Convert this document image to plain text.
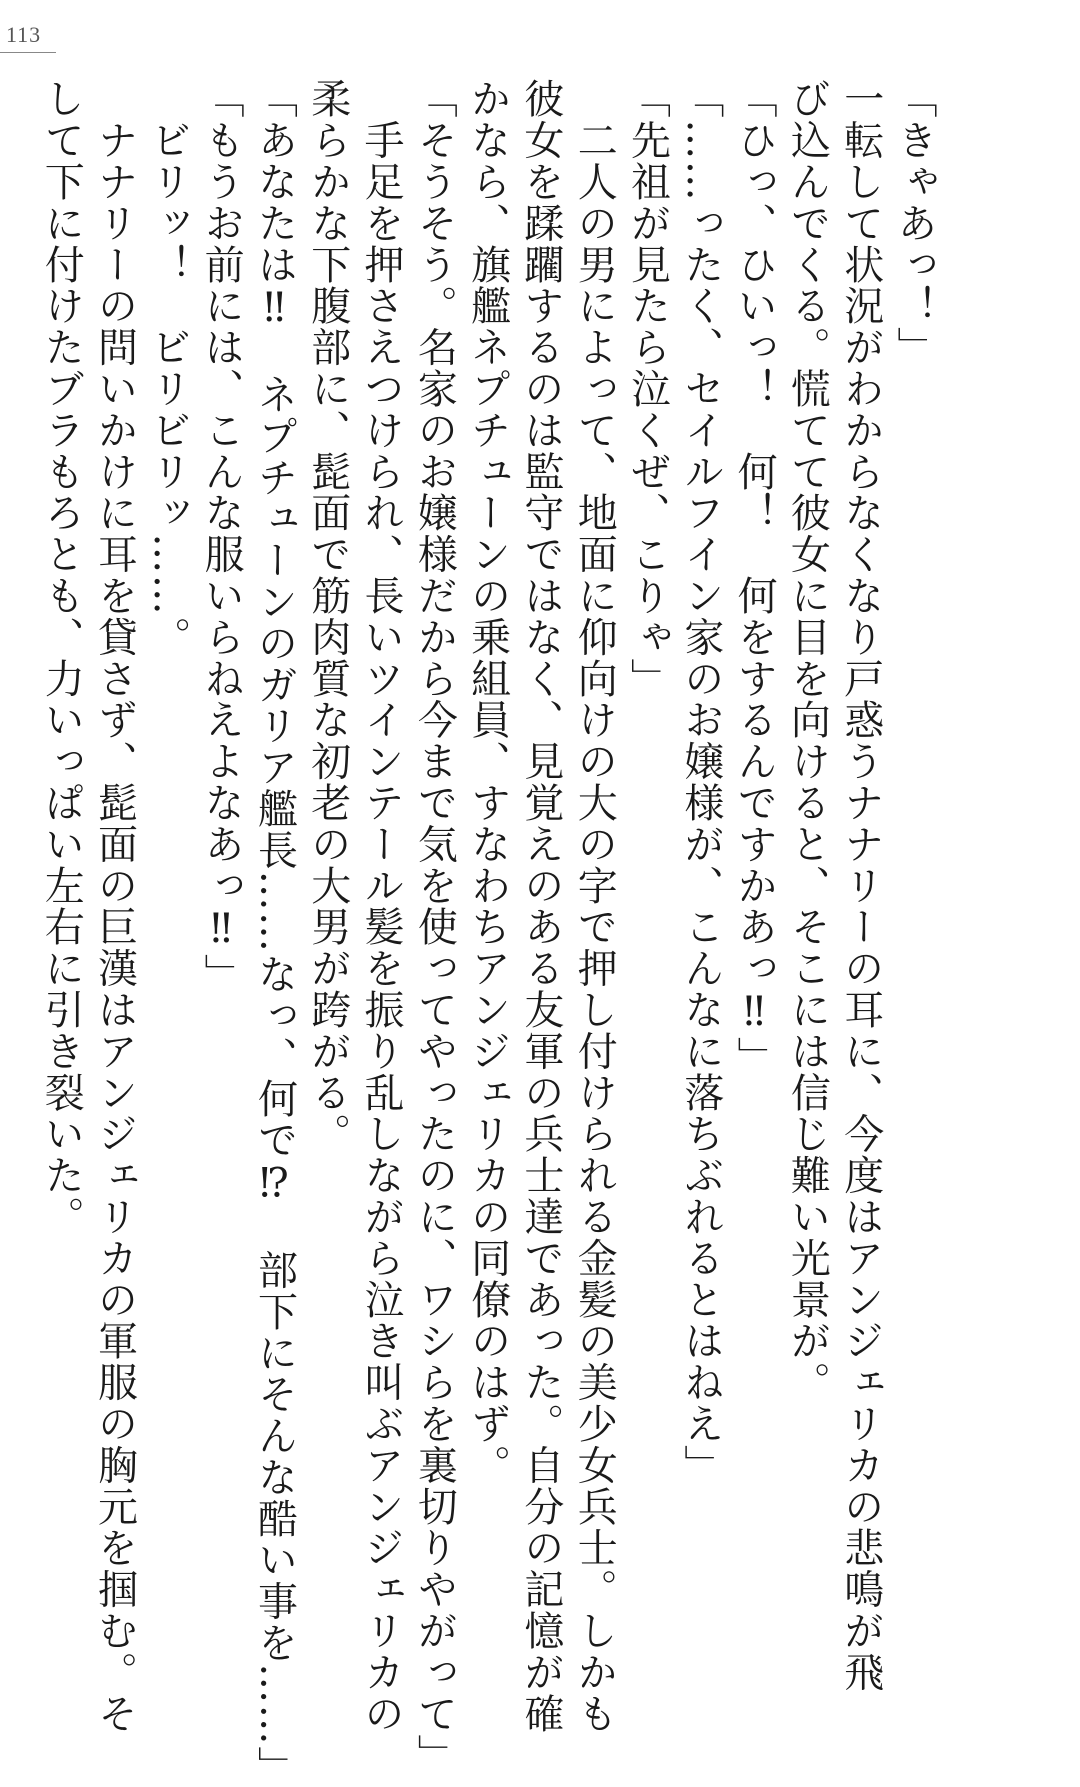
113

「きゃあっ！」

一転して状況がわからなくなり戸惑うナナリーの耳に、今度はアンジェリカの悲鳴が飛

び込んでくる。慌てて彼女に目を向けると、そこには信じ難い光景が。

「ひっ、ひいっ！　何！　何をするんですかあっ‼」

「……ったく、セイルフイン家のお嬢様が、こんなに落ちぶれるとはねえ」

「先祖が見たら泣くぜ、こりゃ」

　二人の男によって、地面に仰向けの大の字で押し付けられる金髪の美少女兵士。しかも

彼女を蹂躙するのは監守ではなく、見覚えのある友軍の兵士達であった。自分の記憶が確

かなら、旗艦ネプチューンの乗組員、すなわちアンジェリカの同僚のはず。

「そうそう。名家のお嬢様だから今まで気を使ってやったのに、ワシらを裏切りやがって」

　手足を押さえつけられ、長いツインテール髪を振り乱しながら泣き叫ぶアンジェリカの

柔らかな下腹部に、髭面で筋肉質な初老の大男が跨がる。

「あなたは‼　ネプチューンのガリア艦長……なっ、何で⁉　部下にそんな酷い事を……」

「もうお前には、こんな服いらねえよなあっ‼」

　ビリッ！　ビリビリッ……。

　ナナリーの問いかけに耳を貸さず、髭面の巨漢はアンジェリカの軍服の胸元を掴む。そ

して下に付けたブラもろとも、力いっぱい左右に引き裂いた。
